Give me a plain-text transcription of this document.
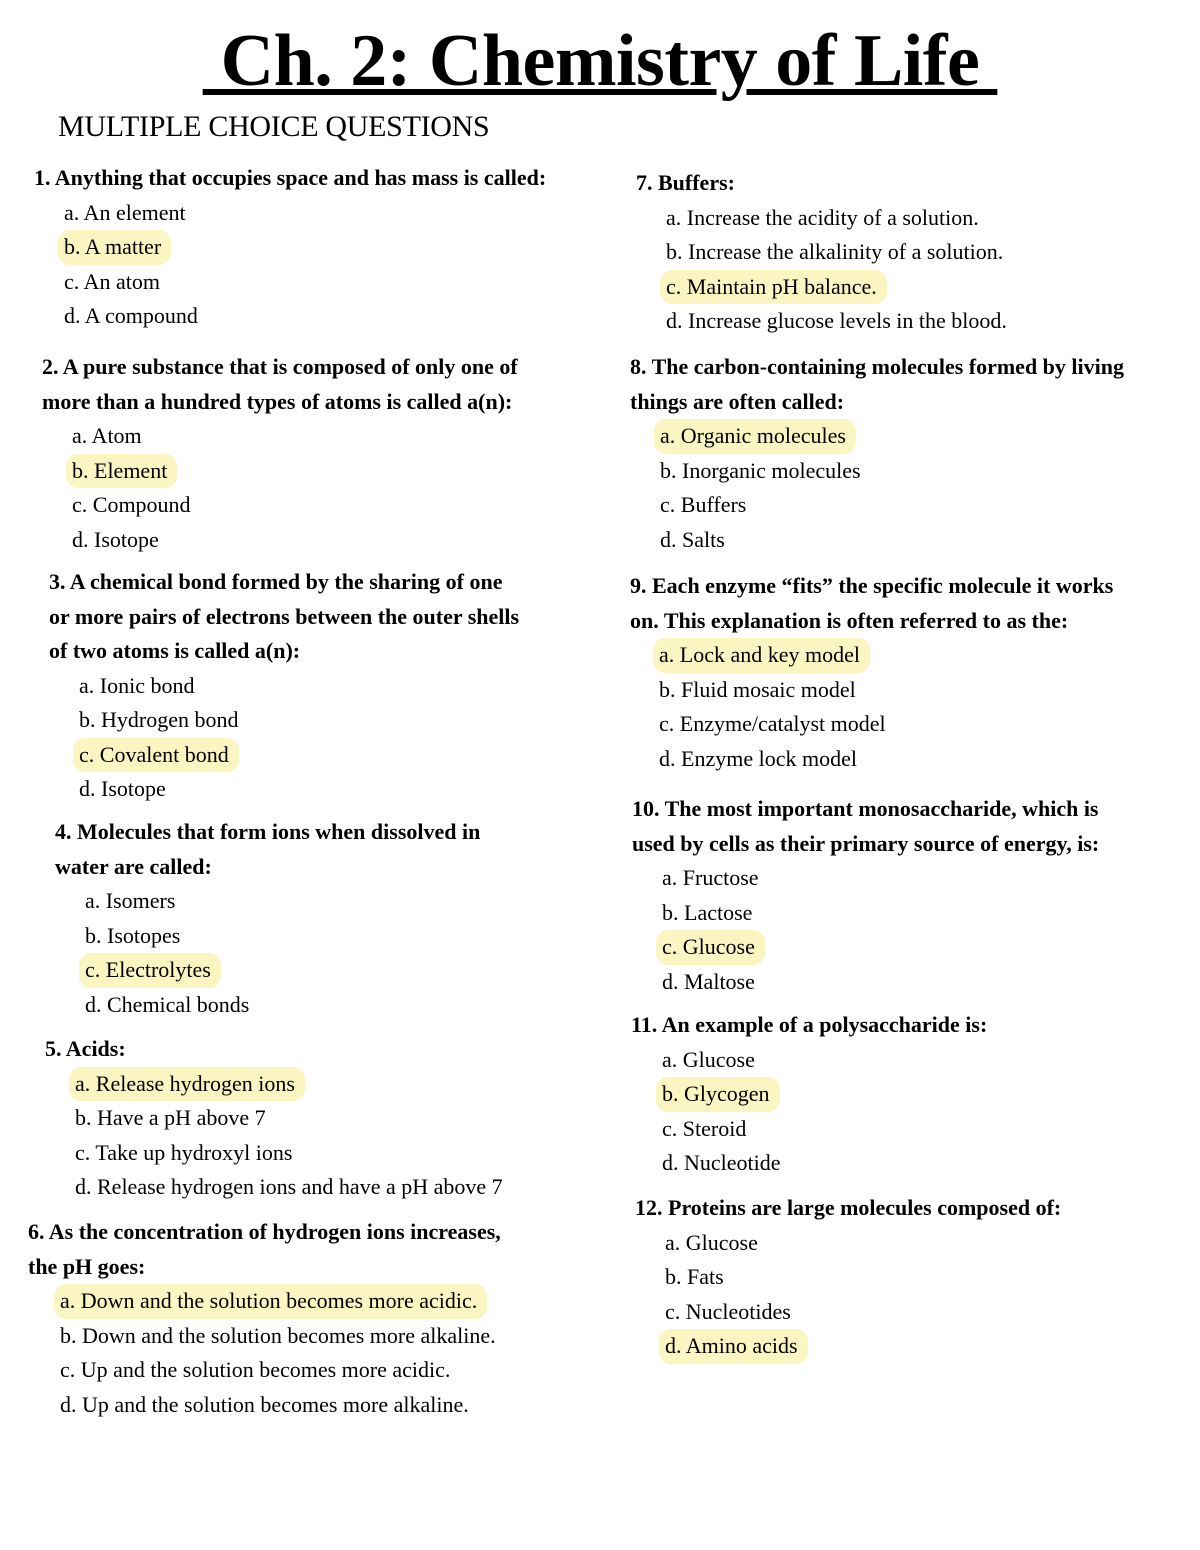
Ch. 2: Chemistry of Life
MULTIPLE CHOICE QUESTIONS
1. Anything that occupies space and has mass is called:
a. An element
b. A matter
c. An atom
d. A compound
2. A pure substance that is composed of only one of
more than a hundred types of atoms is called a(n):
a. Atom
b. Element
c. Compound
d. Isotope
3. A chemical bond formed by the sharing of one
or more pairs of electrons between the outer shells
of two atoms is called a(n):
a. Ionic bond
b. Hydrogen bond
c. Covalent bond
d. Isotope
4. Molecules that form ions when dissolved in
water are called:
a. Isomers
b. Isotopes
c. Electrolytes
d. Chemical bonds
5. Acids:
a. Release hydrogen ions
b. Have a pH above 7
c. Take up hydroxyl ions
d. Release hydrogen ions and have a pH above 7
6. As the concentration of hydrogen ions increases,
the pH goes:
a. Down and the solution becomes more acidic.
b. Down and the solution becomes more alkaline.
c. Up and the solution becomes more acidic.
d. Up and the solution becomes more alkaline.
7. Buffers:
a. Increase the acidity of a solution.
b. Increase the alkalinity of a solution.
c. Maintain pH balance.
d. Increase glucose levels in the blood.
8. The carbon-containing molecules formed by living
things are often called:
a. Organic molecules
b. Inorganic molecules
c. Buffers
d. Salts
9. Each enzyme “fits” the specific molecule it works
on. This explanation is often referred to as the:
a. Lock and key model
b. Fluid mosaic model
c. Enzyme/catalyst model
d. Enzyme lock model
10. The most important monosaccharide, which is
used by cells as their primary source of energy, is:
a. Fructose
b. Lactose
c. Glucose
d. Maltose
11. An example of a polysaccharide is:
a. Glucose
b. Glycogen
c. Steroid
d. Nucleotide
12. Proteins are large molecules composed of:
a. Glucose
b. Fats
c. Nucleotides
d. Amino acids
